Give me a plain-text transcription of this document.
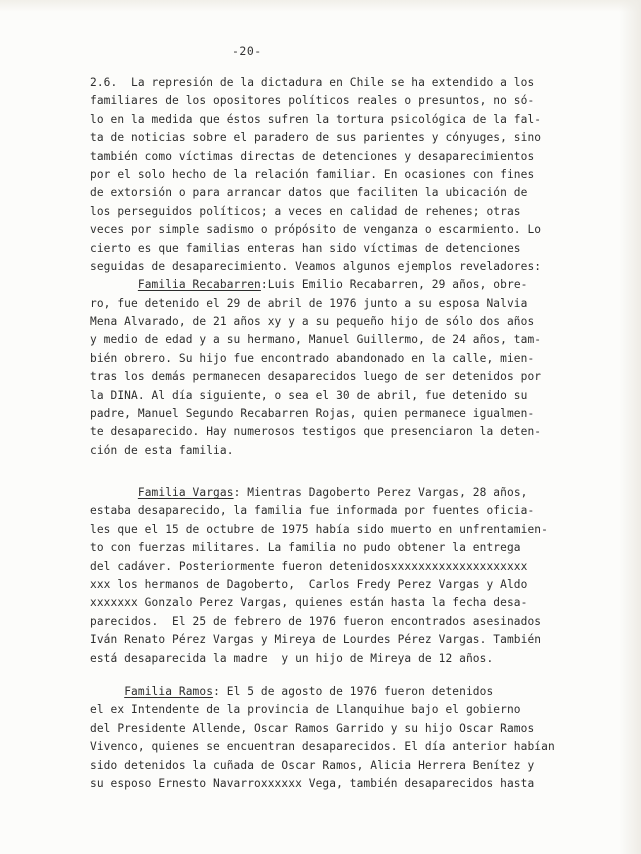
-20-
2.6.  La represión de la dictadura en Chile se ha extendido a los
familiares de los opositores políticos reales o presuntos, no só-
lo en la medida que éstos sufren la tortura psicológica de la fal-
ta de noticias sobre el paradero de sus parientes y cónyuges, sino
también como víctimas directas de detenciones y desaparecimientos
por el solo hecho de la relación familiar. En ocasiones con fines
de extorsión o para arrancar datos que faciliten la ubicación de
los perseguidos políticos; a veces en calidad de rehenes; otras
veces por simple sadismo o própósito de venganza o escarmiento. Lo
cierto es que familias enteras han sido víctimas de detenciones
seguidas de desaparecimiento. Veamos algunos ejemplos reveladores:
Familia Recabarren:Luis Emilio Recabarren, 29 años, obre-
ro, fue detenido el 29 de abril de 1976 junto a su esposa Nalvia
Mena Alvarado, de 21 años xy y a su pequeño hijo de sólo dos años
y medio de edad y a su hermano, Manuel Guillermo, de 24 años, tam-
bién obrero. Su hijo fue encontrado abandonado en la calle, mien-
tras los demás permanecen desaparecidos luego de ser detenidos por
la DINA. Al día siguiente, o sea el 30 de abril, fue detenido su
padre, Manuel Segundo Recabarren Rojas, quien permanece igualmen-
te desaparecido. Hay numerosos testigos que presenciaron la deten-
ción de esta familia.
Familia Vargas: Mientras Dagoberto Perez Vargas, 28 años,
estaba desaparecido, la familia fue informada por fuentes oficia-
les que el 15 de octubre de 1975 había sido muerto en unfrentamien-
to con fuerzas militares. La familia no pudo obtener la entrega
del cadáver. Posteriormente fueron detenidosxxxxxxxxxxxxxxxxxxxx
xxx los hermanos de Dagoberto,  Carlos Fredy Perez Vargas y Aldo
xxxxxxx Gonzalo Perez Vargas, quienes están hasta la fecha desa-
parecidos.  El 25 de febrero de 1976 fueron encontrados asesinados
Iván Renato Pérez Vargas y Mireya de Lourdes Pérez Vargas. También
está desaparecida la madre  y un hijo de Mireya de 12 años.
Familia Ramos: El 5 de agosto de 1976 fueron detenidos
el ex Intendente de la provincia de Llanquihue bajo el gobierno
del Presidente Allende, Oscar Ramos Garrido y su hijo Oscar Ramos
Vivenco, quienes se encuentran desaparecidos. El día anterior habían
sido detenidos la cuñada de Oscar Ramos, Alicia Herrera Benítez y
su esposo Ernesto Navarroxxxxxx Vega, también desaparecidos hasta
